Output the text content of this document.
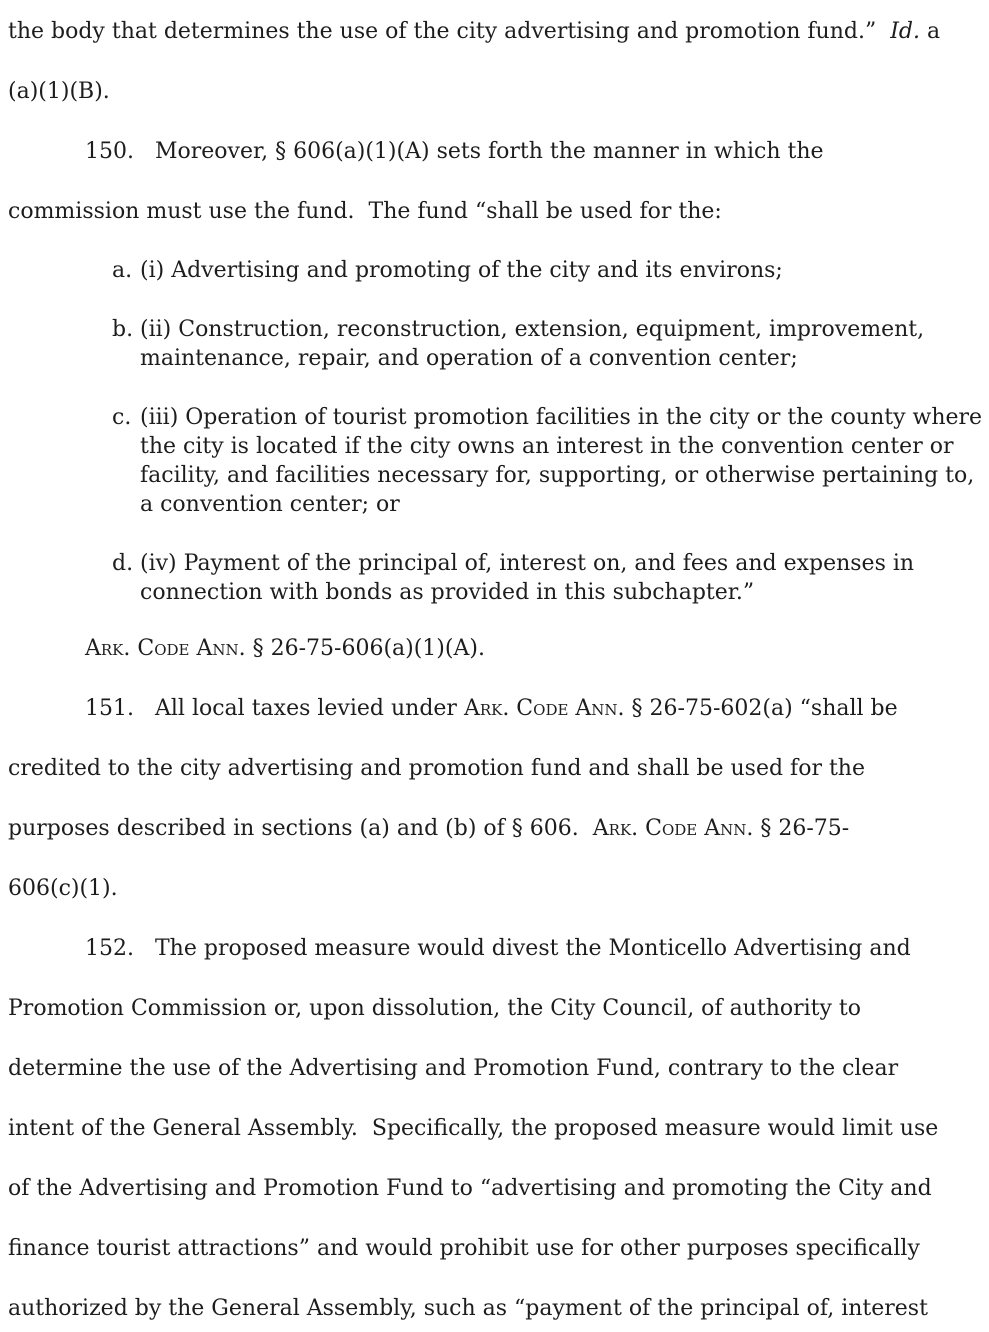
the body that determines the use of the city advertising and promotion fund.”  Id. a
(a)(1)(B).
150. Moreover, § 606(a)(1)(A) sets forth the manner in which the
commission must use the fund.  The fund “shall be used for the:
a. (i) Advertising and promoting of the city and its environs;
b. (ii) Construction, reconstruction, extension, equipment, improvement, maintenance, repair, and operation of a convention center;
c. (iii) Operation of tourist promotion facilities in the city or the county where the city is located if the city owns an interest in the convention center or facility, and facilities necessary for, supporting, or otherwise pertaining to, a convention center; or
d. (iv) Payment of the principal of, interest on, and fees and expenses in connection with bonds as provided in this subchapter.”
Ark. Code Ann. § 26-75-606(a)(1)(A).
151. All local taxes levied under Ark. Code Ann. § 26-75-602(a) “shall be
credited to the city advertising and promotion fund and shall be used for the
purposes described in sections (a) and (b) of § 606.  Ark. Code Ann. § 26-75-
606(c)(1).
152. The proposed measure would divest the Monticello Advertising and
Promotion Commission or, upon dissolution, the City Council, of authority to
determine the use of the Advertising and Promotion Fund, contrary to the clear
intent of the General Assembly.  Specifically, the proposed measure would limit use
of the Advertising and Promotion Fund to “advertising and promoting the City and
finance tourist attractions” and would prohibit use for other purposes specifically
authorized by the General Assembly, such as “payment of the principal of, interest
